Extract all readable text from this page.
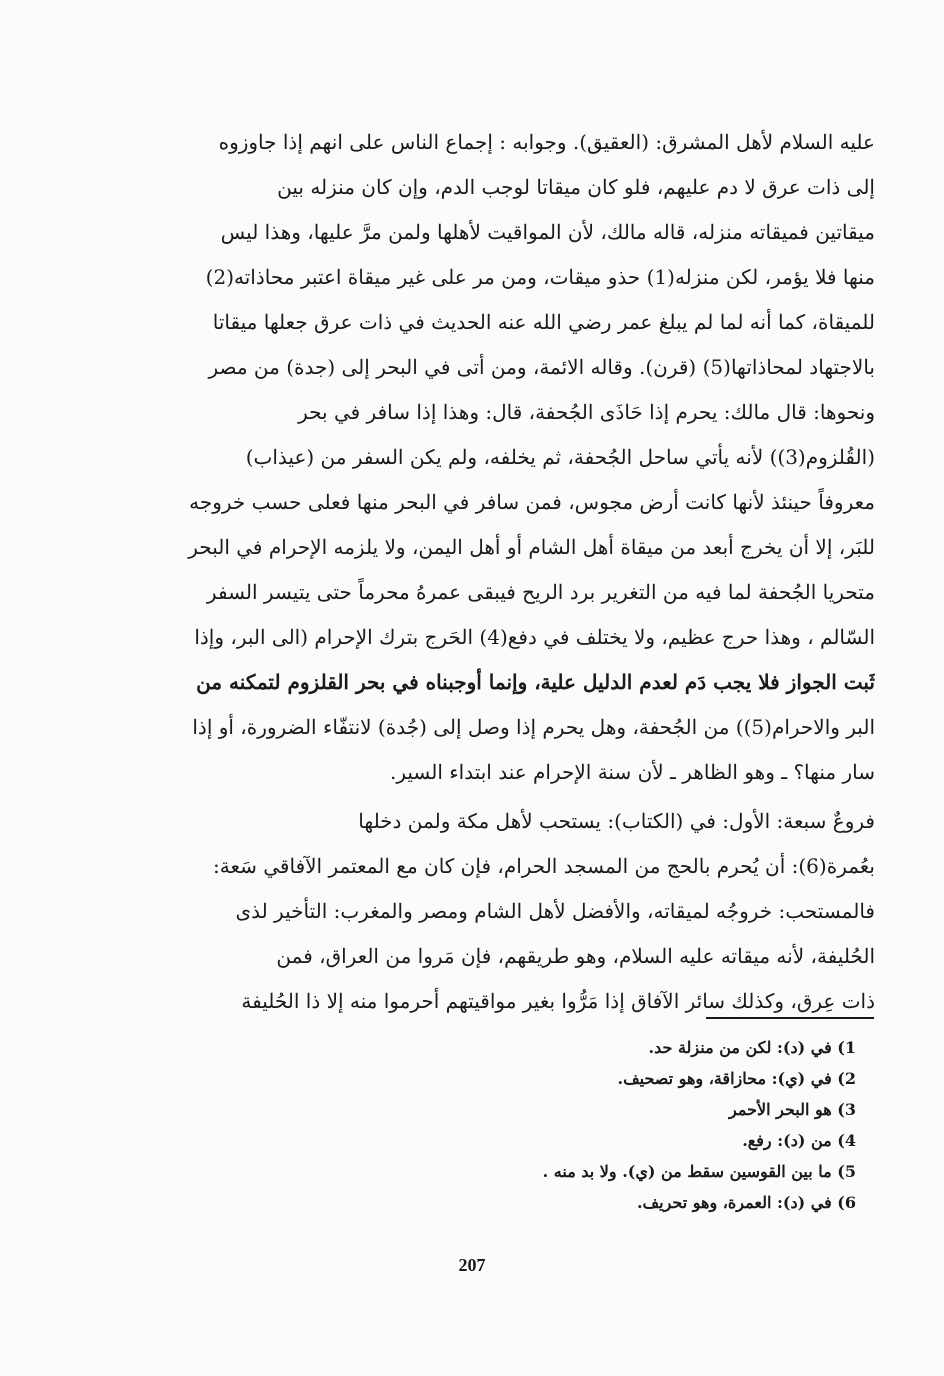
عليه السلام لأهل المشرق: (العقيق). وجوابه : إجماع الناس على انهم إذا جاوزوه
إلى ذات عرق لا دم عليهم، فلو كان ميقاتا لوجب الدم، وإن كان منزله بين
ميقاتين فميقاته منزله، قاله مالك، لأن المواقيت لأهلها ولمن مرَّ عليها، وهذا ليس
منها فلا يؤمر، لكن منزله(1) حذو ميقات، ومن مر على غير ميقاة اعتبر محاذاته(2)
للميقاة، كما أنه لما لم يبلغ عمر رضي الله عنه الحديث في ذات عرق جعلها ميقاتا
بالاجتهاد لمحاذاتها(5) (قرن). وقاله الائمة، ومن أتى في البحر إلى (جدة) من مصر
ونحوها: قال مالك: يحرم إذا حَاذَى الجُحفة، قال: وهذا إذا سافر في بحر
(القُلزوم(3)) لأنه يأتي ساحل الجُحفة، ثم يخلفه، ولم يكن السفر من (عيذاب)
معروفاً حينئذ لأنها كانت أرض مجوس، فمن سافر في البحر منها فعلى حسب خروجه
للبَر، إلا أن يخرج أبعد من ميقاة أهل الشام أو أهل اليمن، ولا يلزمه الإحرام في البحر
متحريا الجُحفة لما فيه من التغرير برد الريح فيبقى عمرهُ محرماً حتى يتيسر السفر
السّالم ، وهذا حرج عظيم، ولا يختلف في دفع(4) الحَرج بترك الإحرام (الى البر، وإذا
ثَبت الجواز فلا يجب دَم لعدم الدليل علية، وإنما أوجبناه في بحر القلزوم لتمكنه من
البر والاحرام(5)) من الجُحفة، وهل يحرم إذا وصل إلى (جُدة) لانتفّاء الضرورة، أو إذا
سار منها؟ ـ وهو الظاهر ـ لأن سنة الإحرام عند ابتداء السير.
فروعٌ سبعة: الأول: في (الكتاب): يستحب لأهل مكة ولمن دخلها
بعُمرة(6): أن يُحرم بالحج من المسجد الحرام، فإن كان مع المعتمر الآفاقي سَعة:
فالمستحب: خروجُه لميقاته، والأفضل لأهل الشام ومصر والمغرب: التأخير لذى
الحُليفة، لأنه ميقاته عليه السلام، وهو طريقهم، فإن مَروا من العراق، فمن
ذات عِرق، وكذلك سائر الآفاق إذا مَرُّوا بغير مواقيتهم أحرموا منه إلا ذا الحُليفة
1) في (د): لكن من منزلة حد.
2) في (ي): محازاقة، وهو تصحيف.
3) هو البحر الأحمر
4) من (د): رفع.
5) ما بين القوسين سقط من (ي). ولا بد منه .
6) في (د): العمرة، وهو تحريف.
207
